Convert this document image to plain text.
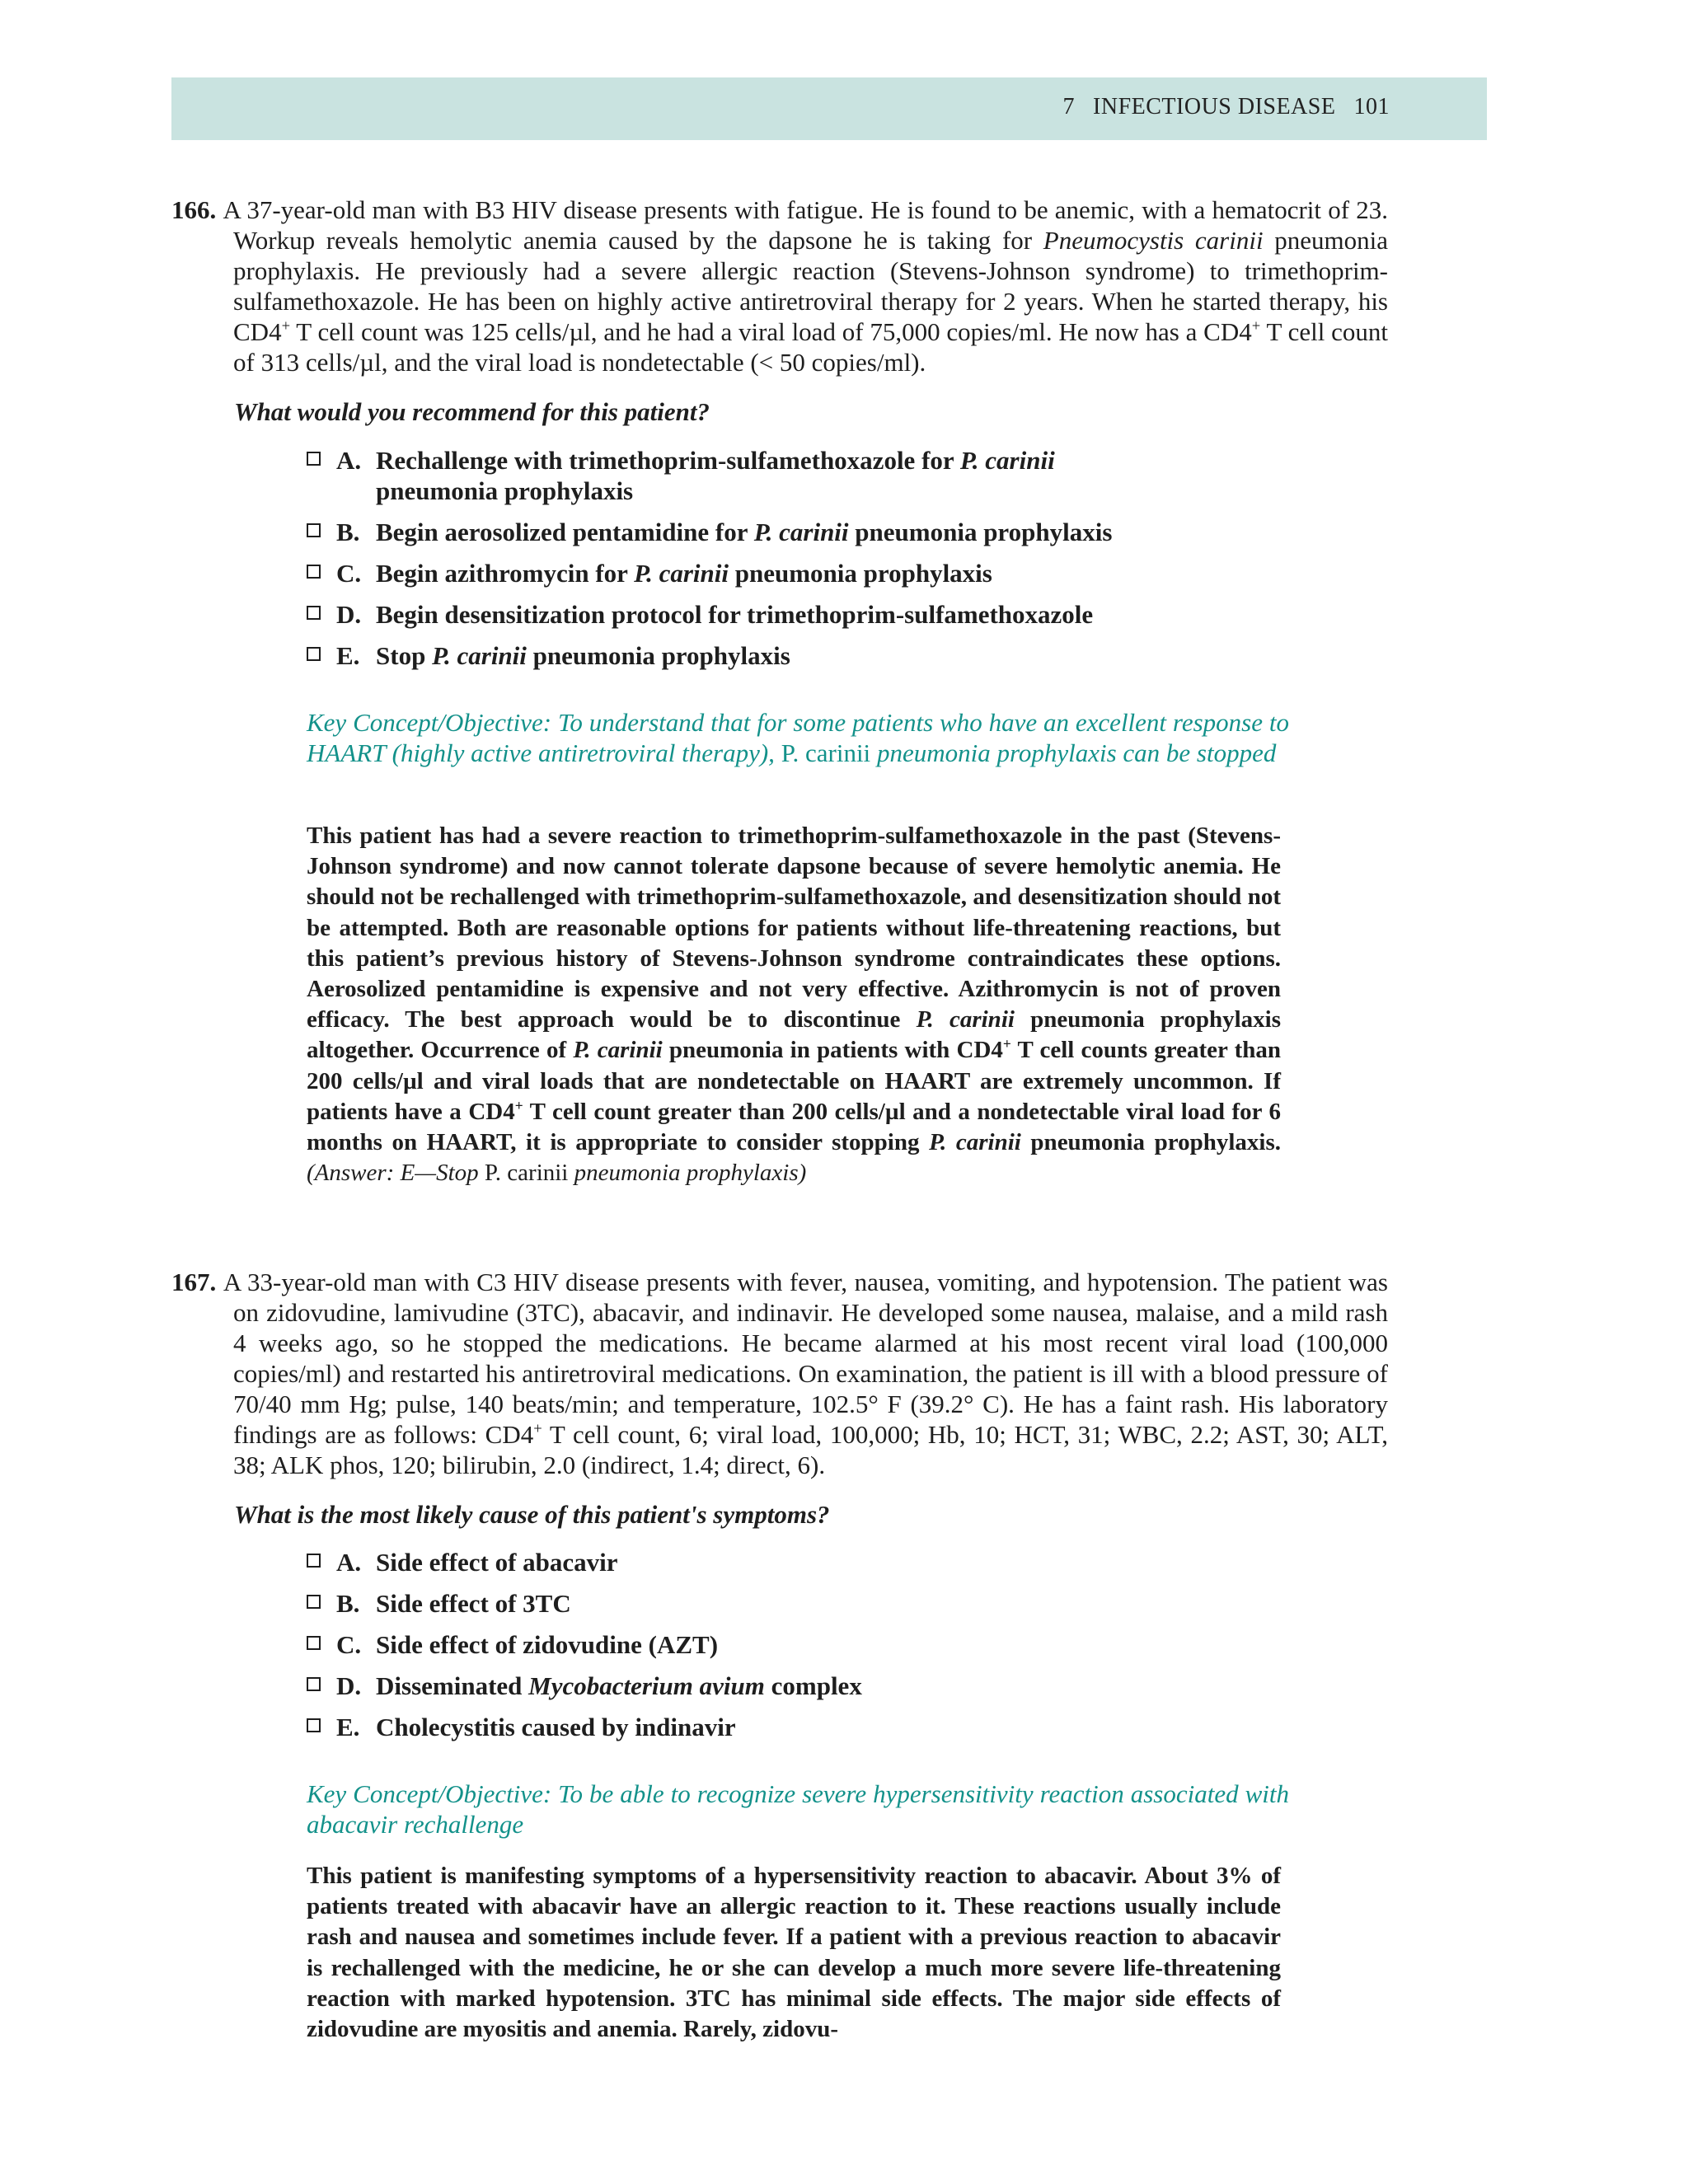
7 INFECTIOUS DISEASE 101

166. A 37-year-old man with B3 HIV disease presents with fatigue. He is found to be anemic, with a hematocrit of 23. Workup reveals hemolytic anemia caused by the dapsone he is taking for Pneumocystis carinii pneumonia prophylaxis. He previously had a severe allergic reaction (Stevens-Johnson syndrome) to trimethoprim-sulfamethoxazole. He has been on highly active antiretroviral therapy for 2 years. When he started therapy, his CD4+ T cell count was 125 cells/µl, and he had a viral load of 75,000 copies/ml. He now has a CD4+ T cell count of 313 cells/µl, and the viral load is nondetectable (< 50 copies/ml).

What would you recommend for this patient?
A. Rechallenge with trimethoprim-sulfamethoxazole for P. carinii
pneumonia prophylaxis
B. Begin aerosolized pentamidine for P. carinii pneumonia prophylaxis
C. Begin azithromycin for P. carinii pneumonia prophylaxis
D. Begin desensitization protocol for trimethoprim-sulfamethoxazole
E. Stop P. carinii pneumonia prophylaxis
Key Concept/Objective: To understand that for some patients who have an excellent response to HAART (highly active antiretroviral therapy), P. carinii pneumonia prophylaxis can be stopped
This patient has had a severe reaction to trimethoprim-sulfamethoxazole in the past (Stevens-Johnson syndrome) and now cannot tolerate dapsone because of severe hemolytic anemia. He should not be rechallenged with trimethoprim-sulfamethoxazole, and desensitization should not be attempted. Both are reasonable options for patients without life-threatening reactions, but this patient’s previous history of Stevens-Johnson syndrome contraindicates these options. Aerosolized pentamidine is expensive and not very effective. Azithromycin is not of proven efficacy. The best approach would be to discontinue P. carinii pneumonia prophylaxis altogether. Occurrence of P. carinii pneumonia in patients with CD4+ T cell counts greater than 200 cells/µl and viral loads that are nondetectable on HAART are extremely uncommon. If patients have a CD4+ T cell count greater than 200 cells/µl and a nondetectable viral load for 6 months on HAART, it is appropriate to consider stopping P. carinii pneumonia prophylaxis. (Answer: E—Stop P. carinii pneumonia prophylaxis)

167. A 33-year-old man with C3 HIV disease presents with fever, nausea, vomiting, and hypotension. The patient was on zidovudine, lamivudine (3TC), abacavir, and indinavir. He developed some nausea, malaise, and a mild rash 4 weeks ago, so he stopped the medications. He became alarmed at his most recent viral load (100,000 copies/ml) and restarted his antiretroviral medications. On examination, the patient is ill with a blood pressure of 70/40 mm Hg; pulse, 140 beats/min; and temperature, 102.5° F (39.2° C). He has a faint rash. His laboratory findings are as follows: CD4+ T cell count, 6; viral load, 100,000; Hb, 10; HCT, 31; WBC, 2.2; AST, 30; ALT, 38; ALK phos, 120; bilirubin, 2.0 (indirect, 1.4; direct, 6).

What is the most likely cause of this patient's symptoms?
A. Side effect of abacavir
B. Side effect of 3TC
C. Side effect of zidovudine (AZT)
D. Disseminated Mycobacterium avium complex
E. Cholecystitis caused by indinavir
Key Concept/Objective: To be able to recognize severe hypersensitivity reaction associated with abacavir rechallenge
This patient is manifesting symptoms of a hypersensitivity reaction to abacavir. About 3% of patients treated with abacavir have an allergic reaction to it. These reactions usually include rash and nausea and sometimes include fever. If a patient with a previous reaction to abacavir is rechallenged with the medicine, he or she can develop a much more severe life-threatening reaction with marked hypotension. 3TC has minimal side effects. The major side effects of zidovudine are myositis and anemia. Rarely, zidovu-
